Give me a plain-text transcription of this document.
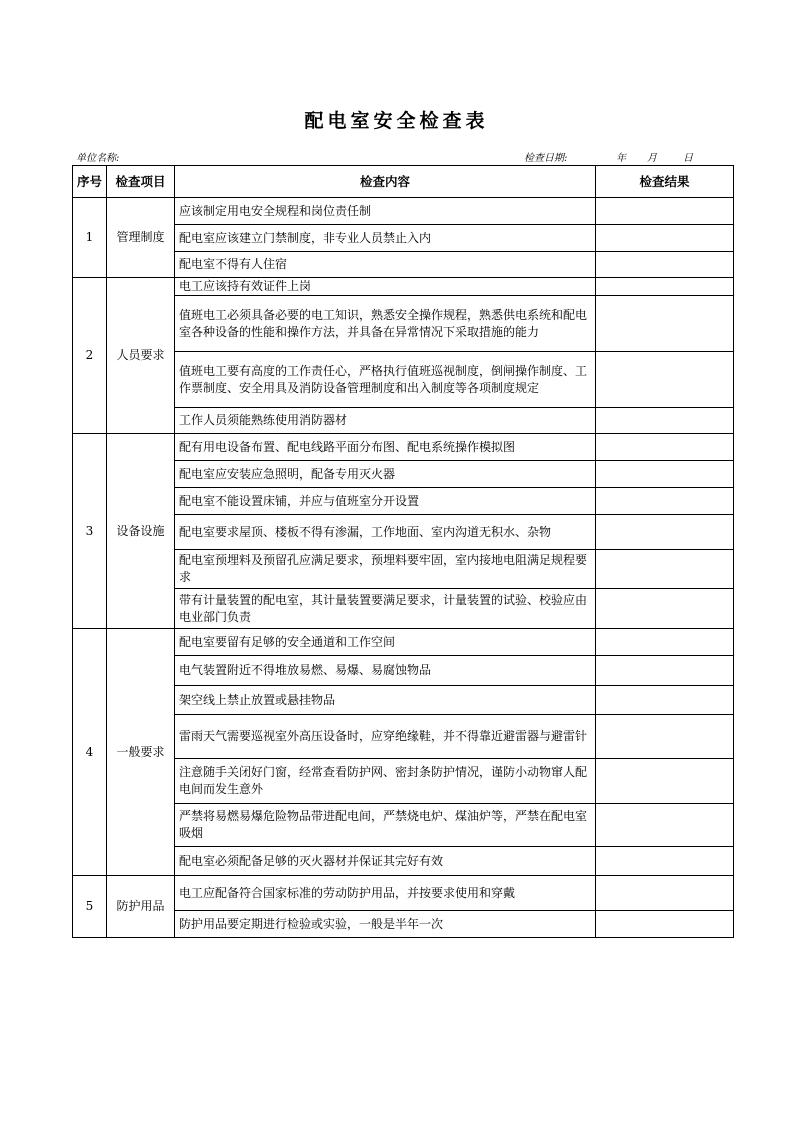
配电室安全检查表
单位名称:	检查日期:	年 月	日
序号	检查项目	检查内容	检查结果
1	管理制度	应该制定用电安全规程和岗位责任制	
		配电室应该建立门禁制度，非专业人员禁止入内	
		配电室不得有人住宿	
2	人员要求	电工应该持有效证件上岗	
		值班电工必须具备必要的电工知识，熟悉安全操作规程，熟悉供电系统和配电室各种设备的性能和操作方法，并具备在异常情况下采取措施的能力	
		值班电工要有高度的工作责任心，严格执行值班巡视制度，倒闸操作制度、工作票制度、安全用具及消防设备管理制度和出入制度等各项制度规定	
		工作人员须能熟练使用消防器材	
3	设备设施	配有用电设备布置、配电线路平面分布图、配电系统操作模拟图	
		配电室应安装应急照明，配备专用灭火器	
		配电室不能设置床铺，并应与值班室分开设置	
		配电室要求屋顶、楼板不得有渗漏，工作地面、室内沟道无积水、杂物	
		配电室预埋料及预留孔应满足要求，预埋料要牢固，室内接地电阻满足规程要求	
		带有计量装置的配电室，其计量装置要满足要求，计量装置的试验、校验应由电业部门负责	
4	一般要求	配电室要留有足够的安全通道和工作空间	
		电气装置附近不得堆放易燃、易爆、易腐蚀物品	
		架空线上禁止放置或悬挂物品	
		雷雨天气需要巡视室外高压设备时，应穿绝缘鞋，并不得靠近避雷器与避雷针	
		注意随手关闭好门窗，经常查看防护网、密封条防护情况，谨防小动物窜人配电间而发生意外	
		严禁将易燃易爆危险物品带进配电间，严禁烧电炉、煤油炉等，严禁在配电室吸烟	
		配电室必须配备足够的灭火器材并保证其完好有效	
5	防护用品	电工应配备符合国家标准的劳动防护用品，并按要求使用和穿戴	
		防护用品要定期进行检验或实验，一般是半年一次	
